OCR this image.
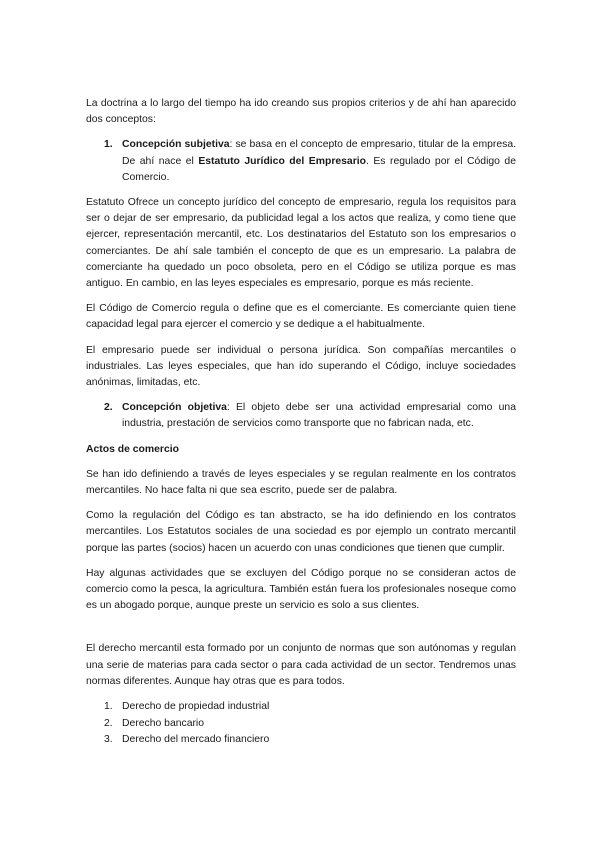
La doctrina a lo largo del tiempo ha ido creando sus propios criterios y de ahí han aparecido dos conceptos:

1. Concepción subjetiva: se basa en el concepto de empresario, titular de la empresa. De ahí nace el Estatuto Jurídico del Empresario. Es regulado por el Código de Comercio.

Estatuto Ofrece un concepto jurídico del concepto de empresario, regula los requisitos para ser o dejar de ser empresario, da publicidad legal a los actos que realiza, y como tiene que ejercer, representación mercantil, etc. Los destinatarios del Estatuto son los empresarios o comerciantes. De ahí sale también el concepto de que es un empresario. La palabra de comerciante ha quedado un poco obsoleta, pero en el Código se utiliza porque es mas antiguo. En cambio, en las leyes especiales es empresario, porque es más reciente.

El Código de Comercio regula o define que es el comerciante. Es comerciante quien tiene capacidad legal para ejercer el comercio y se dedique a el habitualmente.

El empresario puede ser individual o persona jurídica. Son compañías mercantiles o industriales. Las leyes especiales, que han ido superando el Código, incluye sociedades anónimas, limitadas, etc.

2. Concepción objetiva: El objeto debe ser una actividad empresarial como una industria, prestación de servicios como transporte que no fabrican nada, etc.
Actos de comercio

Se han ido definiendo a través de leyes especiales y se regulan realmente en los contratos mercantiles. No hace falta ni que sea escrito, puede ser de palabra.

Como la regulación del Código es tan abstracto, se ha ido definiendo en los contratos mercantiles. Los Estatutos sociales de una sociedad es por ejemplo un contrato mercantil porque las partes (socios) hacen un acuerdo con unas condiciones que tienen que cumplir.

Hay algunas actividades que se excluyen del Código porque no se consideran actos de comercio como la pesca, la agricultura. También están fuera los profesionales noseque como es un abogado porque, aunque preste un servicio es solo a sus clientes.

El derecho mercantil esta formado por un conjunto de normas que son autónomas y regulan una serie de materias para cada sector o para cada actividad de un sector. Tendremos unas normas diferentes. Aunque hay otras que es para todos.

1. Derecho de propiedad industrial
2. Derecho bancario
3. Derecho del mercado financiero
